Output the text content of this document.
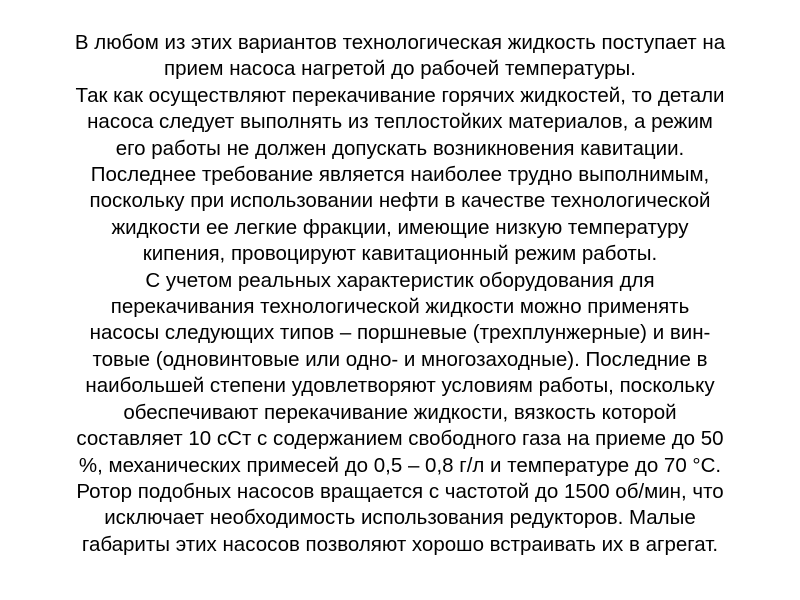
В любом из этих вариантов технологическая жидкость поступает на
прием насоса нагретой до рабочей температуры.
Так как осуществляют перекачивание горячих жидкостей, то детали
насоса следует выполнять из теплостойких материалов, а режим
его работы не должен допускать возникновения кавитации.
Последнее требование является наиболее трудно выполнимым,
поскольку при использовании нефти в качестве технологической
жидкости ее легкие фракции, имеющие низкую температуру
кипения, провоцируют кавитационный режим работы.
С учетом реальных характеристик оборудования для
перекачивания технологической жидкости можно применять
насосы следующих типов – поршневые (трехплунжерные) и вин-
товые (одновинтовые или одно- и многозаходные). Последние в
наибольшей степени удовлетворяют условиям работы, поскольку
обеспечивают перекачивание жидкости, вязкость которой
составляет 10 сСт с содержанием свободного газа на приеме до 50
%, механических примесей до 0,5 – 0,8 г/л и температуре до 70 °С.
Ротор подобных насосов вращается с частотой до 1500 об/мин, что
исключает необходимость использования редукторов. Малые
габариты этих насосов позволяют хорошо встраивать их в агрегат.
